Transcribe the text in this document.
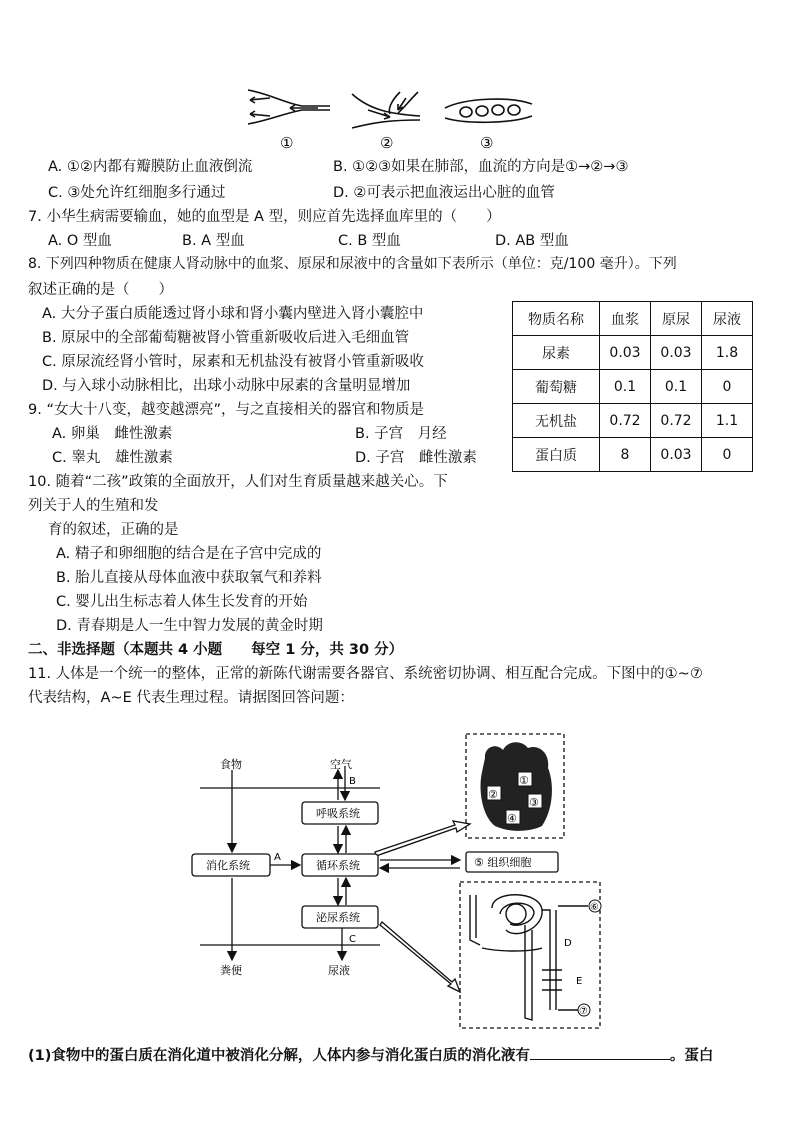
①	②	③
A. ①②内都有瓣膜防止血液倒流	B. ①②③如果在肺部，血流的方向是①→②→③
C. ③处允许红细胞多行通过	D. ②可表示把血液运出心脏的血管
7. 小华生病需要输血，她的血型是 A 型，则应首先选择血库里的（　　）
A. O 型血	B. A 型血	C. B 型血	D. AB 型血
8. 下列四种物质在健康人肾动脉中的血浆、原尿和尿液中的含量如下表所示（单位：克/100 毫升）。下列
叙述正确的是（　　）
A. 大分子蛋白质能透过肾小球和肾小囊内壁进入肾小囊腔中
B. 原尿中的全部葡萄糖被肾小管重新吸收后进入毛细血管
C. 原尿流经肾小管时，尿素和无机盐没有被肾小管重新吸收
D. 与入球小动脉相比，出球小动脉中尿素的含量明显增加
物质名称	血浆	原尿	尿液
尿素	0.03	0.03	1.8
葡萄糖	0.1	0.1	0
无机盐	0.72	0.72	1.1
蛋白质	8	0.03	0
9. “女大十八变，越变越漂亮”，与之直接相关的器官和物质是
A. 卵巢　雌性激素	B. 子宫　月经
C. 睾丸　雄性激素	D. 子宫　雌性激素
10. 随着“二孩”政策的全面放开，人们对生育质量越来越关心。下
列关于人的生殖和发
育的叙述，正确的是
A. 精子和卵细胞的结合是在子宫中完成的
B. 胎儿直接从母体血液中获取氧气和养料
C. 婴儿出生标志着人体生长发育的开始
D. 青春期是人一生中智力发展的黄金时期
二、非选择题（本题共 4 小题　　每空 1 分，共 30 分）
11. 人体是一个统一的整体，正常的新陈代谢需要各器官、系统密切协调、相互配合完成。下图中的①~⑦
代表结构，A~E 代表生理过程。请据图回答问题：
食物	空气
B
呼吸系统
消化系统
A
循环系统
泌尿系统
C
⑤ 组织细胞
粪便	尿液
②
①
③
④
⑥
D
E
⑦
(1)食物中的蛋白质在消化道中被消化分解，人体内参与消化蛋白质的消化液有	。蛋白
